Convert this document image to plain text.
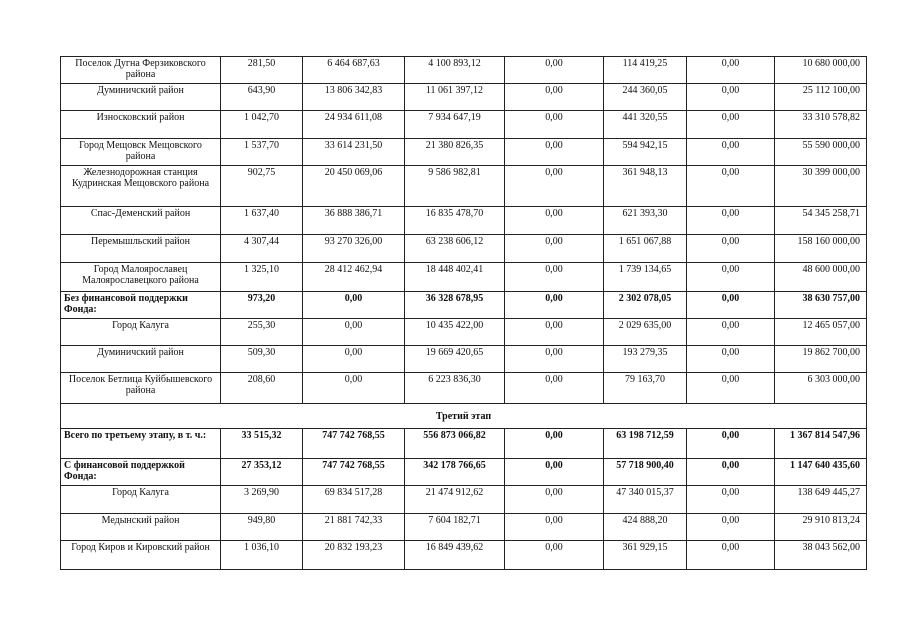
Поселок Дугна Ферзиковского района	281,50	6 464 687,63	4 100 893,12	0,00	114 419,25	0,00	10 680 000,00
Думиничский район	643,90	13 806 342,83	11 061 397,12	0,00	244 360,05	0,00	25 112 100,00
Износковский район	1 042,70	24 934 611,08	7 934 647,19	0,00	441 320,55	0,00	33 310 578,82
Город Мещовск Мещовского района	1 537,70	33 614 231,50	21 380 826,35	0,00	594 942,15	0,00	55 590 000,00
Железнодорожная станция Кудринская Мещовского района	902,75	20 450 069,06	9 586 982,81	0,00	361 948,13	0,00	30 399 000,00
Спас-Деменский район	1 637,40	36 888 386,71	16 835 478,70	0,00	621 393,30	0,00	54 345 258,71
Перемышльский район	4 307,44	93 270 326,00	63 238 606,12	0,00	1 651 067,88	0,00	158 160 000,00
Город Малоярославец Малоярославецкого района	1 325,10	28 412 462,94	18 448 402,41	0,00	1 739 134,65	0,00	48 600 000,00
Без финансовой поддержки Фонда:	973,20	0,00	36 328 678,95	0,00	2 302 078,05	0,00	38 630 757,00
Город Калуга	255,30	0,00	10 435 422,00	0,00	2 029 635,00	0,00	12 465 057,00
Думиничский район	509,30	0,00	19 669 420,65	0,00	193 279,35	0,00	19 862 700,00
Поселок Бетлица Куйбышевского района	208,60	0,00	6 223 836,30	0,00	79 163,70	0,00	6 303 000,00
Третий этап							
Всего по третьему этапу, в т. ч.:	33 515,32	747 742 768,55	556 873 066,82	0,00	63 198 712,59	0,00	1 367 814 547,96
С финансовой поддержкой Фонда:	27 353,12	747 742 768,55	342 178 766,65	0,00	57 718 900,40	0,00	1 147 640 435,60
Город Калуга	3 269,90	69 834 517,28	21 474 912,62	0,00	47 340 015,37	0,00	138 649 445,27
Медынский район	949,80	21 881 742,33	7 604 182,71	0,00	424 888,20	0,00	29 910 813,24
Город Киров и Кировский район	1 036,10	20 832 193,23	16 849 439,62	0,00	361 929,15	0,00	38 043 562,00
